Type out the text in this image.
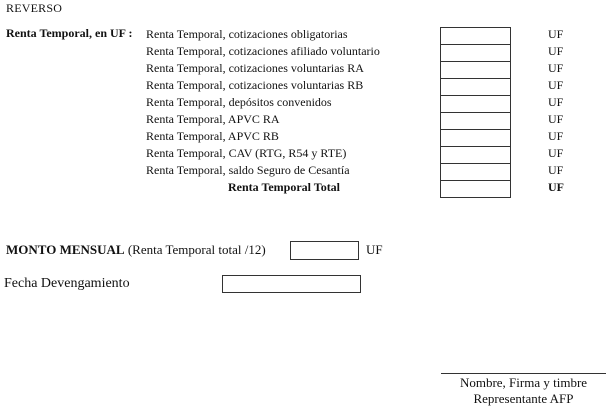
REVERSO
Renta Temporal, en UF : Renta Temporal, cotizaciones obligatorias
Renta Temporal, cotizaciones afiliado voluntario
Renta Temporal, cotizaciones voluntarias RA
Renta Temporal, cotizaciones voluntarias RB
Renta Temporal, depósitos convenidos
Renta Temporal, APVC RA
Renta Temporal, APVC RB
Renta Temporal, CAV (RTG, R54 y RTE)
Renta Temporal, saldo Seguro de Cesantía
Renta Temporal Total
UF
UF
UF
UF
UF
UF
UF
UF
UF
UF
MONTO MENSUAL (Renta Temporal total /12)	UF
Fecha Devengamiento
Nombre, Firma y timbre
Representante AFP
